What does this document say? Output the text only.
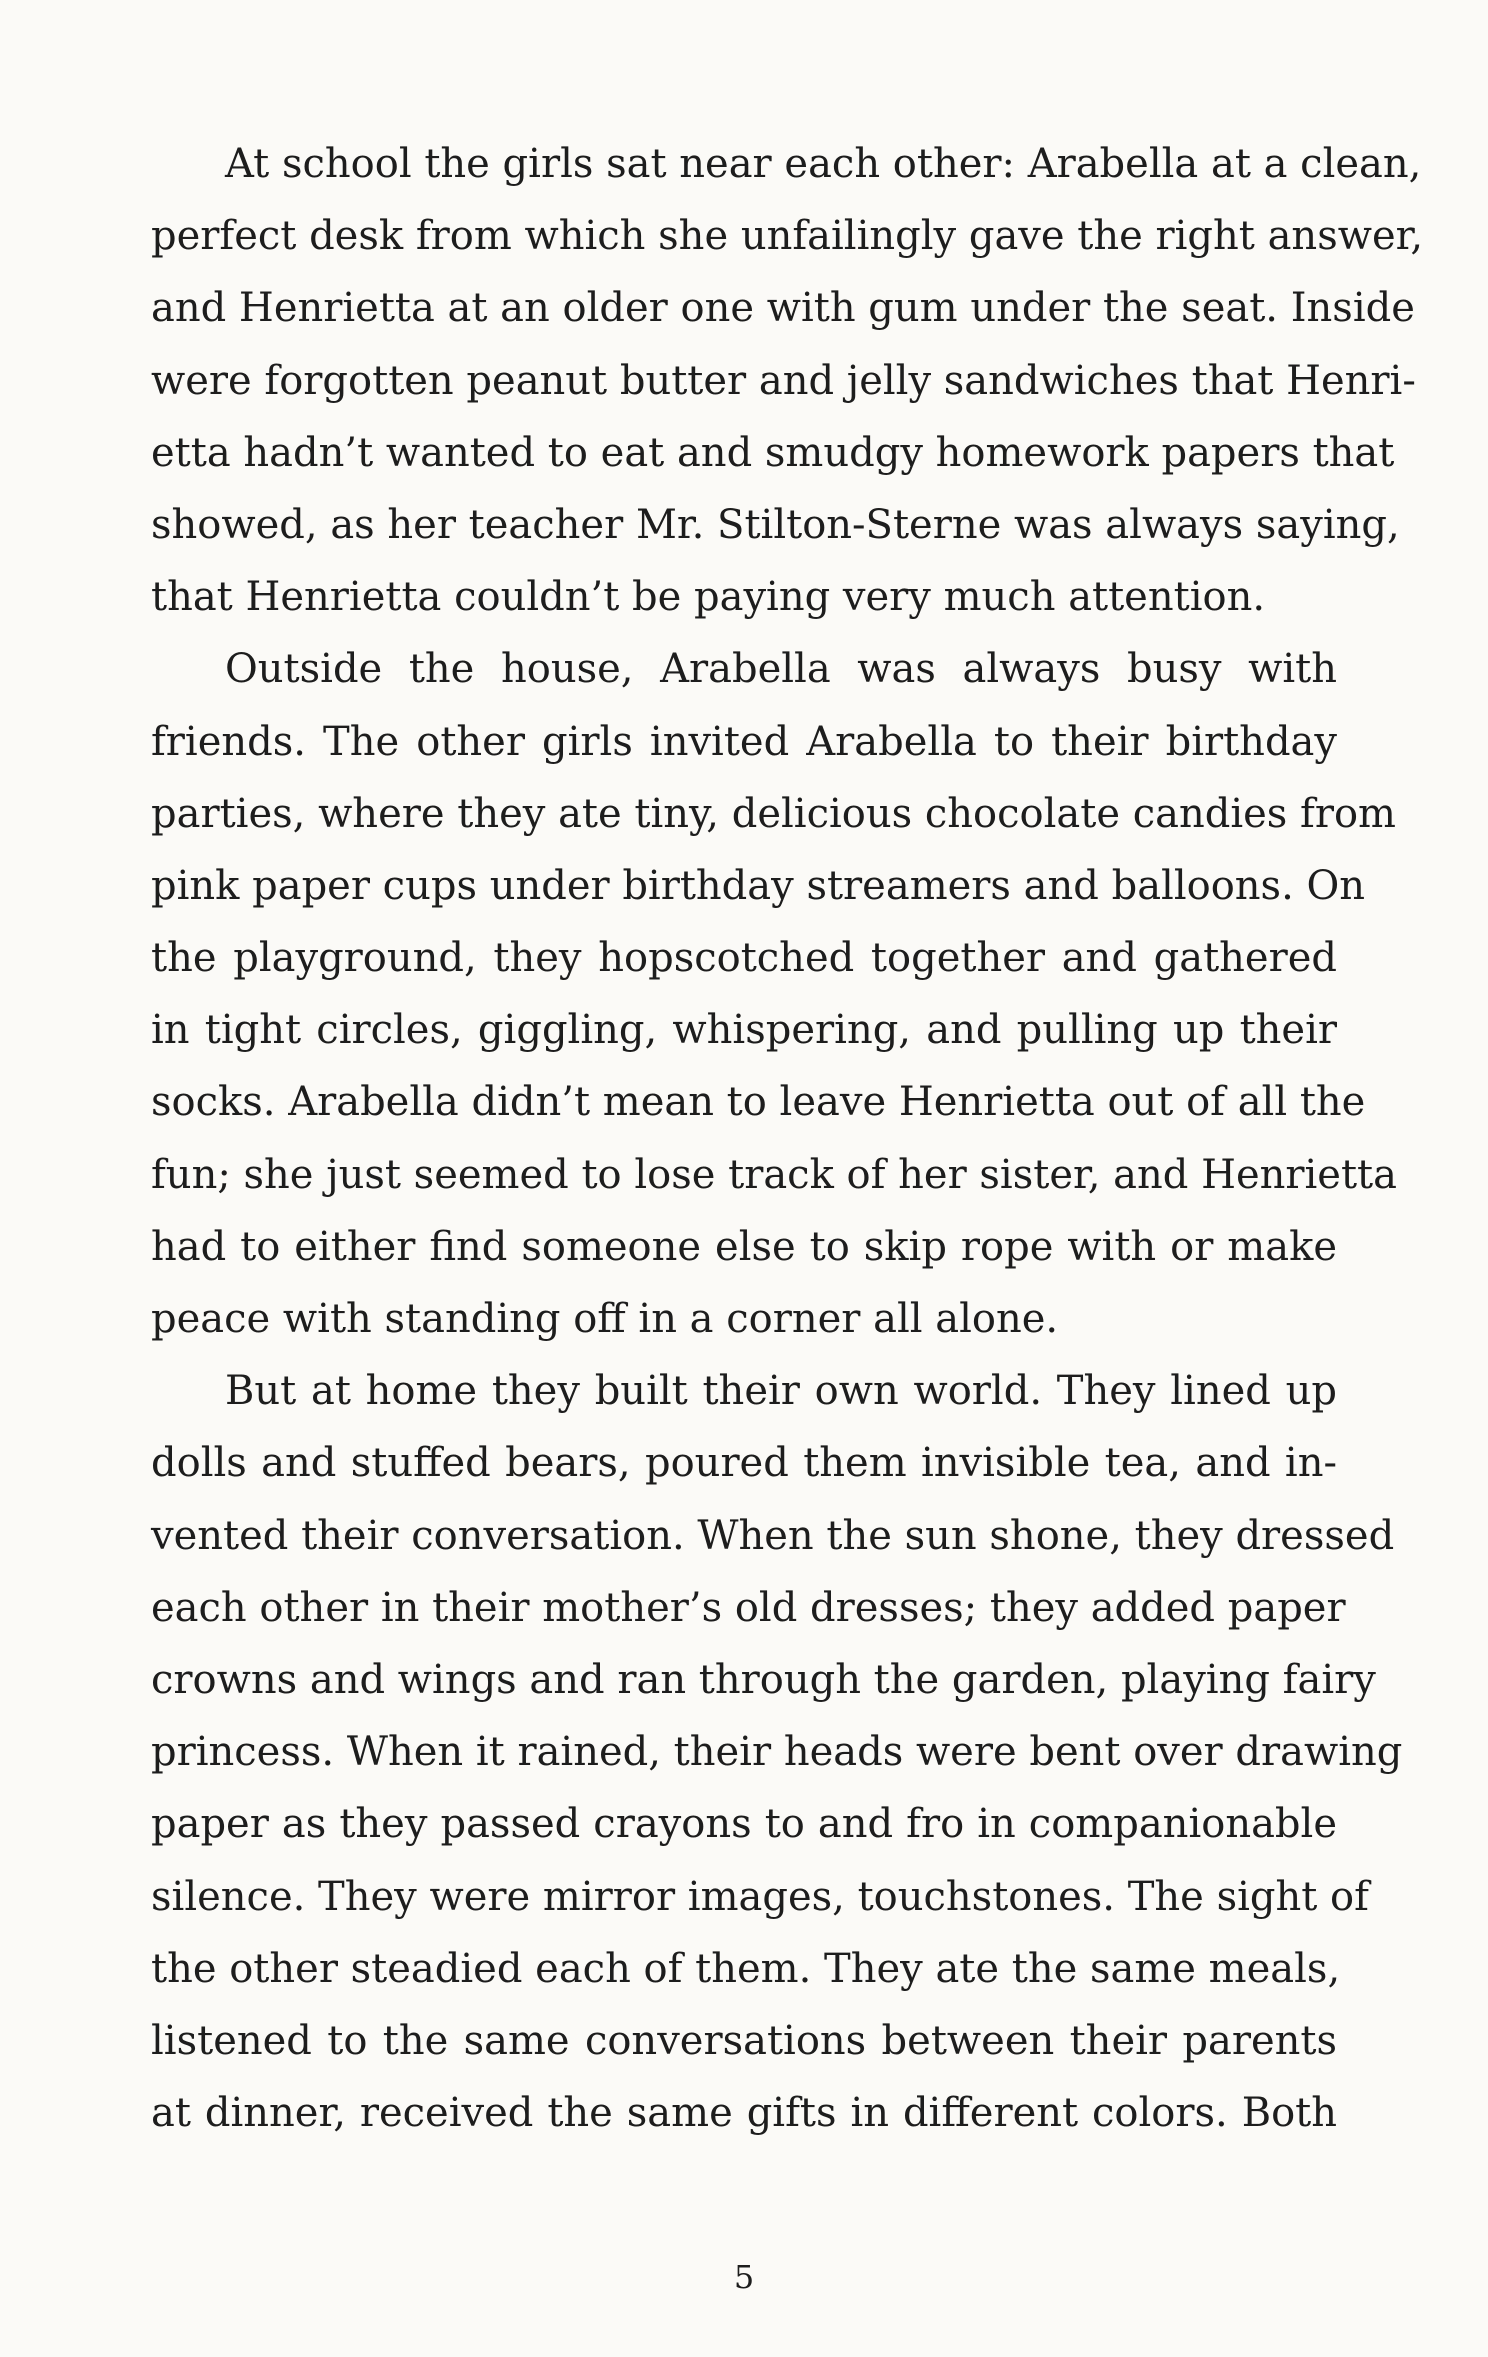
At school the girls sat near each other: Arabella at a clean,
perfect desk from which she unfailingly gave the right answer,
and Henrietta at an older one with gum under the seat. Inside
were forgotten peanut butter and jelly sandwiches that Henri-
etta hadn’t wanted to eat and smudgy homework papers that
showed, as her teacher Mr. Stilton-Sterne was always saying,
that Henrietta couldn’t be paying very much attention.
Outside the house, Arabella was always busy with
friends. The other girls invited Arabella to their birthday
parties, where they ate tiny, delicious chocolate candies from
pink paper cups under birthday streamers and balloons. On
the playground, they hopscotched together and gathered
in tight circles, giggling, whispering, and pulling up their
socks. Arabella didn’t mean to leave Henrietta out of all the
fun; she just seemed to lose track of her sister, and Henrietta
had to either find someone else to skip rope with or make
peace with standing off in a corner all alone.
But at home they built their own world. They lined up
dolls and stuffed bears, poured them invisible tea, and in-
vented their conversation. When the sun shone, they dressed
each other in their mother’s old dresses; they added paper
crowns and wings and ran through the garden, playing fairy
princess. When it rained, their heads were bent over drawing
paper as they passed crayons to and fro in companionable
silence. They were mirror images, touchstones. The sight of
the other steadied each of them. They ate the same meals,
listened to the same conversations between their parents
at dinner, received the same gifts in different colors. Both
5
